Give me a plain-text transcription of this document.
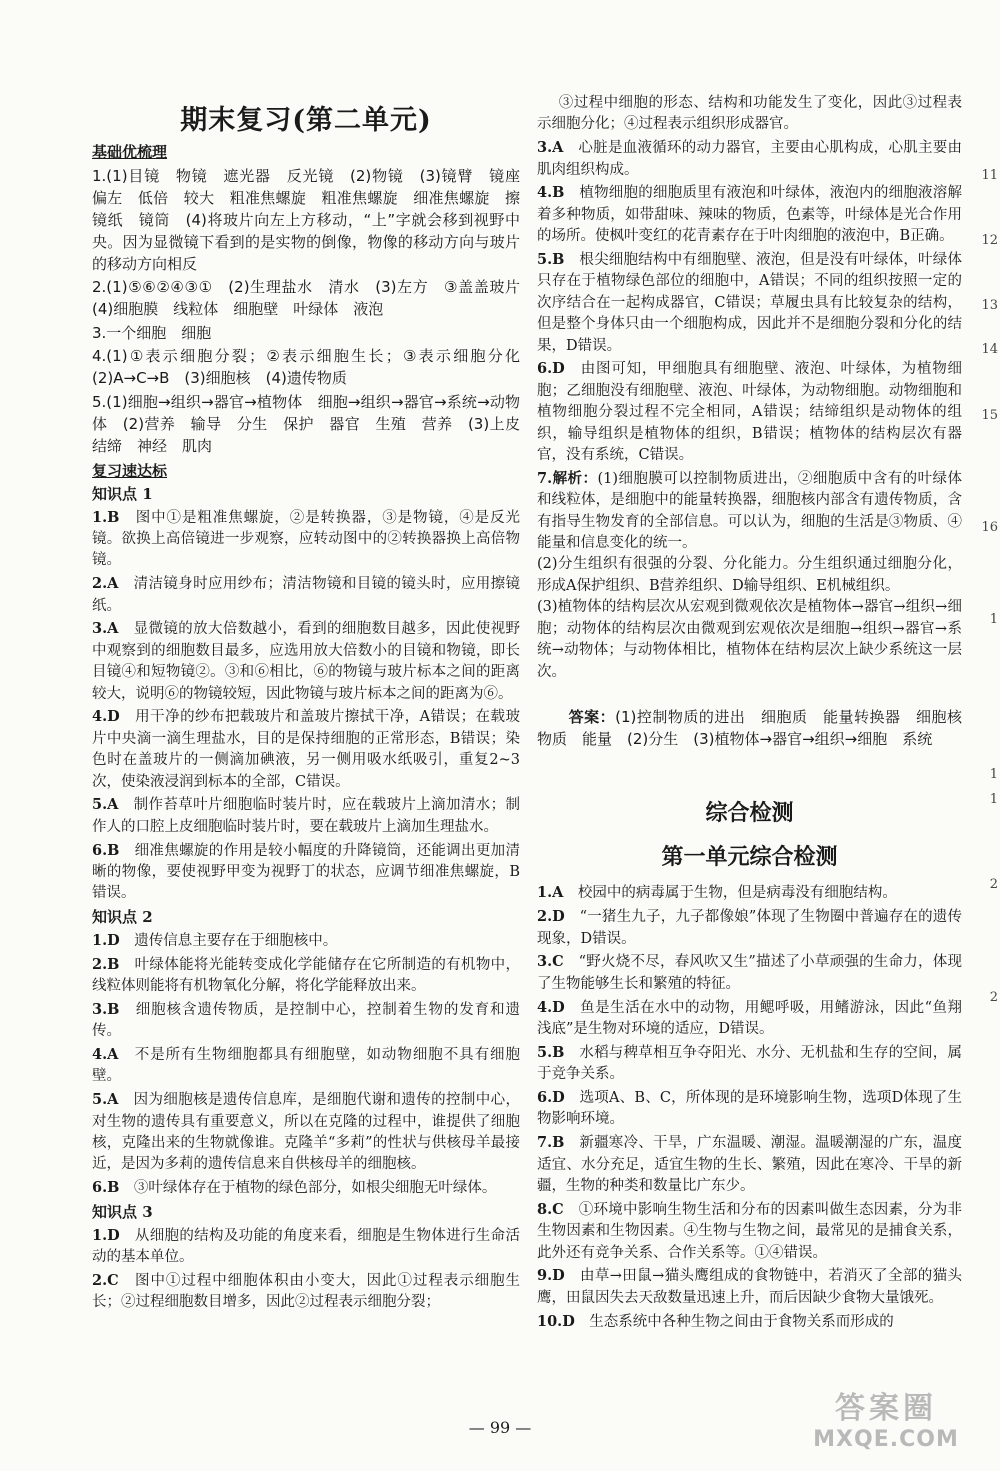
期末复习(第二单元)
基础优梳理
1.(1)目镜　物镜　遮光器　反光镜　(2)物镜　(3)镜臂　镜座　偏左　低倍　较大　粗准焦螺旋　粗准焦螺旋　细准焦螺旋　擦镜纸　镜筒　(4)将玻片向左上方移动，“上”字就会移到视野中央。因为显微镜下看到的是实物的倒像，物像的移动方向与玻片的移动方向相反
2.(1)⑤⑥②④③①　(2)生理盐水　清水　(3)左方　③盖盖玻片　(4)细胞膜　线粒体　细胞壁　叶绿体　液泡
3.一个细胞　细胞
4.(1)①表示细胞分裂；②表示细胞生长；③表示细胞分化　(2)A→C→B　(3)细胞核　(4)遗传物质
5.(1)细胞→组织→器官→植物体　细胞→组织→器官→系统→动物体　(2)营养　输导　分生　保护　器官　生殖　营养　(3)上皮　结缔　神经　肌肉
复习速达标
知识点 1
1.B　图中①是粗准焦螺旋，②是转换器，③是物镜，④是反光镜。欲换上高倍镜进一步观察，应转动图中的②转换器换上高倍物镜。
2.A　清洁镜身时应用纱布；清洁物镜和目镜的镜头时，应用擦镜纸。
3.A　显微镜的放大倍数越小，看到的细胞数目越多，因此使视野中观察到的细胞数目最多，应选用放大倍数小的目镜和物镜，即长目镜④和短物镜②。③和⑥相比，⑥的物镜与玻片标本之间的距离较大，说明⑥的物镜较短，因此物镜与玻片标本之间的距离为⑥。
4.D　用干净的纱布把载玻片和盖玻片擦拭干净，A错误；在载玻片中央滴一滴生理盐水，目的是保持细胞的正常形态，B错误；染色时在盖玻片的一侧滴加碘液，另一侧用吸水纸吸引，重复2~3次，使染液浸润到标本的全部，C错误。
5.A　制作苔草叶片细胞临时装片时，应在载玻片上滴加清水；制作人的口腔上皮细胞临时装片时，要在载玻片上滴加生理盐水。
6.B　细准焦螺旋的作用是较小幅度的升降镜筒，还能调出更加清晰的物像，要使视野甲变为视野丁的状态，应调节细准焦螺旋，B错误。
知识点 2
1.D　遗传信息主要存在于细胞核中。
2.B　叶绿体能将光能转变成化学能储存在它所制造的有机物中，线粒体则能将有机物氧化分解，将化学能释放出来。
3.B　细胞核含遗传物质，是控制中心，控制着生物的发育和遗传。
4.A　不是所有生物细胞都具有细胞壁，如动物细胞不具有细胞壁。
5.A　因为细胞核是遗传信息库，是细胞代谢和遗传的控制中心，对生物的遗传具有重要意义，所以在克隆的过程中，谁提供了细胞核，克隆出来的生物就像谁。克隆羊“多莉”的性状与供核母羊最接近，是因为多莉的遗传信息来自供核母羊的细胞核。
6.B　③叶绿体存在于植物的绿色部分，如根尖细胞无叶绿体。
知识点 3
1.D　从细胞的结构及功能的角度来看，细胞是生物体进行生命活动的基本单位。
2.C　图中①过程中细胞体积由小变大，因此①过程表示细胞生长；②过程细胞数目增多，因此②过程表示细胞分裂；
③过程中细胞的形态、结构和功能发生了变化，因此③过程表示细胞分化；④过程表示组织形成器官。
3.A　心脏是血液循环的动力器官，主要由心肌构成，心肌主要由肌肉组织构成。
4.B　植物细胞的细胞质里有液泡和叶绿体，液泡内的细胞液溶解着多种物质，如带甜味、辣味的物质，色素等，叶绿体是光合作用的场所。使枫叶变红的花青素存在于叶肉细胞的液泡中，B正确。
5.B　根尖细胞结构中有细胞壁、液泡，但是没有叶绿体，叶绿体只存在于植物绿色部位的细胞中，A错误；不同的组织按照一定的次序结合在一起构成器官，C错误；草履虫具有比较复杂的结构，但是整个身体只由一个细胞构成，因此并不是细胞分裂和分化的结果，D错误。
6.D　由图可知，甲细胞具有细胞壁、液泡、叶绿体，为植物细胞；乙细胞没有细胞壁、液泡、叶绿体，为动物细胞。动物细胞和植物细胞分裂过程不完全相同，A错误；结缔组织是动物体的组织，输导组织是植物体的组织，B错误；植物体的结构层次有器官，没有系统，C错误。
7.解析：(1)细胞膜可以控制物质进出，②细胞质中含有的叶绿体和线粒体，是细胞中的能量转换器，细胞核内部含有遗传物质，含有指导生物发育的全部信息。可以认为，细胞的生活是③物质、④能量和信息变化的统一。
(2)分生组织有很强的分裂、分化能力。分生组织通过细胞分化，形成A保护组织、B营养组织、D输导组织、E机械组织。
(3)植物体的结构层次从宏观到微观依次是植物体→器官→组织→细胞；动物体的结构层次由微观到宏观依次是细胞→组织→器官→系统→动物体；与动物体相比，植物体在结构层次上缺少系统这一层次。

答案：(1)控制物质的进出　细胞质　能量转换器　细胞核　物质　能量　(2)分生　(3)植物体→器官→组织→细胞　系统

综合检测
第一单元综合检测
1.A　校园中的病毒属于生物，但是病毒没有细胞结构。
2.D　“一猪生九子，九子都像娘”体现了生物圈中普遍存在的遗传现象，D错误。
3.C　“野火烧不尽，春风吹又生”描述了小草顽强的生命力，体现了生物能够生长和繁殖的特征。
4.D　鱼是生活在水中的动物，用鳃呼吸，用鳍游泳，因此“鱼翔浅底”是生物对环境的适应，D错误。
5.B　水稻与稗草相互争夺阳光、水分、无机盐和生存的空间，属于竞争关系。
6.D　选项A、B、C，所体现的是环境影响生物，选项D体现了生物影响环境。
7.B　新疆寒冷、干旱，广东温暖、潮湿。温暖潮湿的广东，温度适宜、水分充足，适宜生物的生长、繁殖，因此在寒冷、干旱的新疆，生物的种类和数量比广东少。
8.C　①环境中影响生物生活和分布的因素叫做生态因素，分为非生物因素和生物因素。④生物与生物之间，最常见的是捕食关系，此外还有竞争关系、合作关系等。①④错误。
9.D　由草→田鼠→猫头鹰组成的食物链中，若消灭了全部的猫头鹰，田鼠因失去天敌数量迅速上升，而后因缺少食物大量饿死。
10.D　生态系统中各种生物之间由于食物关系而形成的
— 99 —
11
12
13
14
15
16
1
1
1
2
2
答案圈
MXQE.COM
